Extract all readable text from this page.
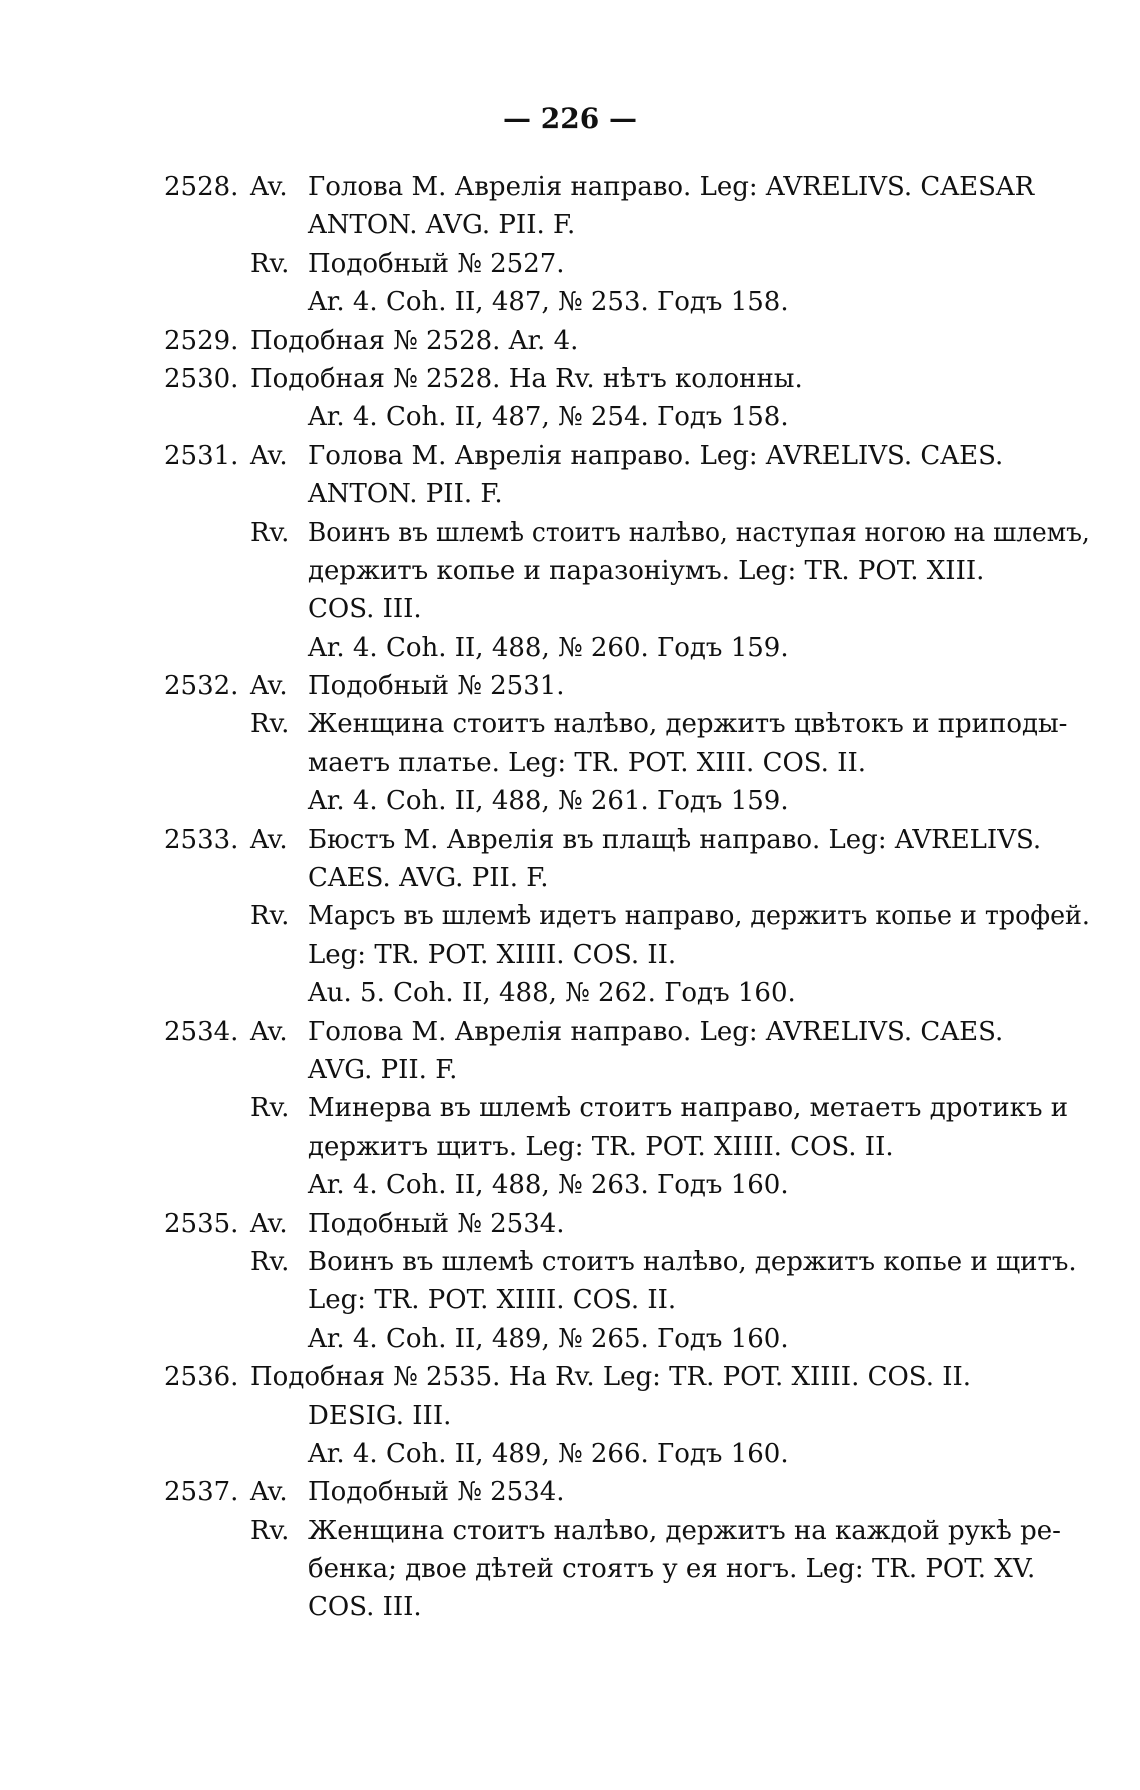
— 226 —
2528. Av. Голова М. Аврелія направо. Leg: AVRELIVS. CAESAR
ANTON. AVG. PII. F.
Rv. Подобный № 2527.
Ar. 4. Coh. II, 487, № 253. Годъ 158.
2529. Подобная № 2528. Ar. 4.
2530. Подобная № 2528. На Rv. нѣтъ колонны.
Ar. 4. Coh. II, 487, № 254. Годъ 158.
2531. Av. Голова М. Аврелія направо. Leg: AVRELIVS. CAES.
ANTON. PII. F.
Rv. Воинъ въ шлемѣ стоитъ налѣво, наступая ногою на шлемъ,
держитъ копье и паразоніумъ. Leg: TR. POT. XIII.
COS. III.
Ar. 4. Coh. II, 488, № 260. Годъ 159.
2532. Av. Подобный № 2531.
Rv. Женщина стоитъ налѣво, держитъ цвѣтокъ и приподы-
маетъ платье. Leg: TR. POT. XIII. COS. II.
Ar. 4. Coh. II, 488, № 261. Годъ 159.
2533. Av. Бюстъ М. Аврелія въ плащѣ направо. Leg: AVRELIVS.
CAES. AVG. PII. F.
Rv. Марсъ въ шлемѣ идетъ направо, держитъ копье и трофей.
Leg: TR. POT. XIIII. COS. II.
Au. 5. Coh. II, 488, № 262. Годъ 160.
2534. Av. Голова М. Аврелія направо. Leg: AVRELIVS. CAES.
AVG. PII. F.
Rv. Минерва въ шлемѣ стоитъ направо, метаетъ дротикъ и
держитъ щитъ. Leg: TR. POT. XIIII. COS. II.
Ar. 4. Coh. II, 488, № 263. Годъ 160.
2535. Av. Подобный № 2534.
Rv. Воинъ въ шлемѣ стоитъ налѣво, держитъ копье и щитъ.
Leg: TR. POT. XIIII. COS. II.
Ar. 4. Coh. II, 489, № 265. Годъ 160.
2536. Подобная № 2535. На Rv. Leg: TR. POT. XIIII. COS. II.
DESIG. III.
Ar. 4. Coh. II, 489, № 266. Годъ 160.
2537. Av. Подобный № 2534.
Rv. Женщина стоитъ налѣво, держитъ на каждой рукѣ ре-
бенка; двое дѣтей стоятъ у ея ногъ. Leg: TR. POT. XV.
COS. III.
